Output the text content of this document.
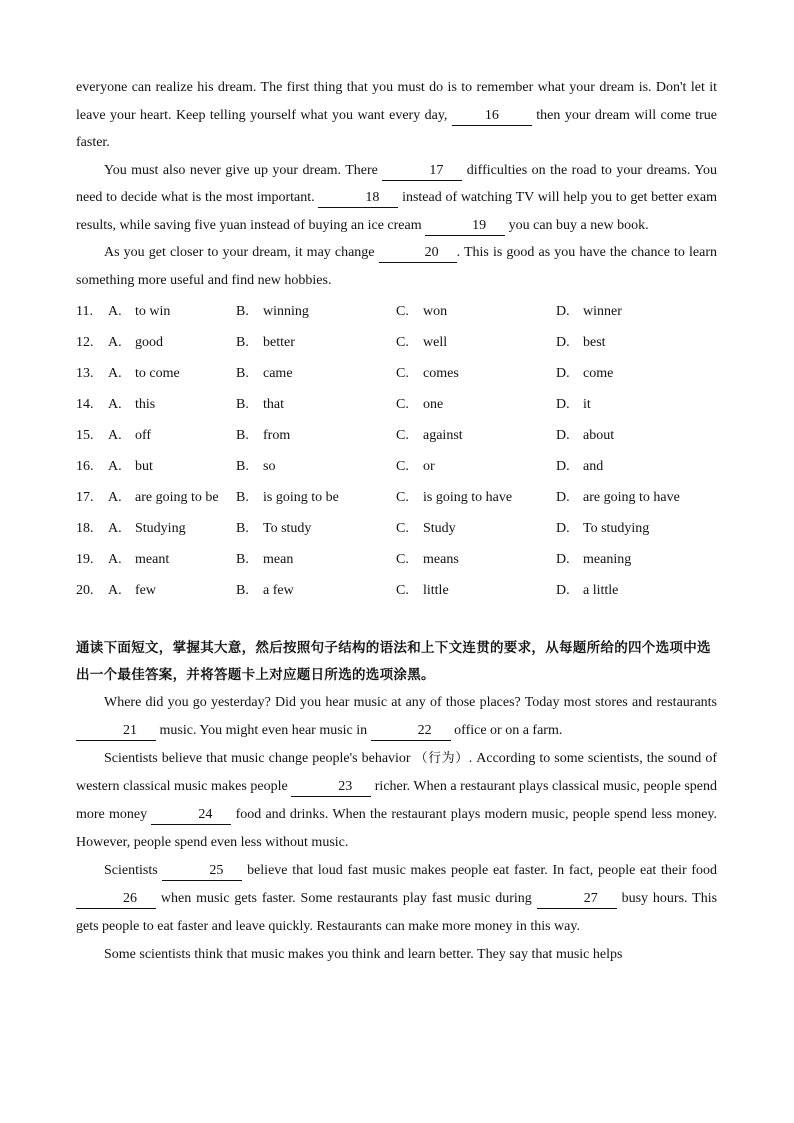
everyone can realize his dream. The first thing that you must do is to remember what your dream is. Don't let it leave your heart. Keep telling yourself what you want every day,	16	then your dream will come true faster.

You must also never give up your dream. There	17 difficulties on the road to your dreams. You need to decide what is the most important.	18 instead of watching TV will help you to get better exam results, while saving five yuan instead of buying an ice cream	19 you can buy a new book.

As you get closer to your dream, it may change	20 . This is good as you have the chance to learn something more useful and find new hobbies.

11.	A. to win	B.	winning	C.	won	D. winner
12.	A. good	B.	better	C.	well	D. best
13.	A. to come	B.	came	C.	comes	D. come
14.	A. this	B.	that	C.	one	D. it
15.	A. off	B.	from	C.	against	D. about
16.	A. but	B.	so	C.	or	D. and
17.	A. are going to be B.	is going to be	C.	is going to have	D. are going to have
18.	A. Studying	B.	To study	C.	Study	D. To studying
19.	A. meant	B.	mean	C.	means	D. meaning
20.	A. few	B.	a few	C.	little	D. a little
通读下面短文，掌握其大意，然后按照句子结构的语法和上下文连贯的要求，从每题所给的四个选项中选出一个最佳答案，并将答题卡上对应题日所选的选项涂黑。

Where did you go yesterday? Did you hear music at any of those places? Today most stores and restaurants 21 music. You might even hear music in	22 office or on a farm.

Scientists believe that music change people's behavior （行为）. According to some scientists, the sound of western classical music makes people	23 richer. When a restaurant plays classical music, people spend more money	24 food and drinks. When the restaurant plays modern music, people spend less money. However, people spend even less without music.

Scientists	25 believe that loud fast music makes people eat faster. In fact, people eat their food 26 when music gets faster. Some restaurants play fast music during	27 busy hours. This gets people to eat faster and leave quickly. Restaurants can make more money in this way.

Some scientists think that music makes you think and learn better. They say that music helps
